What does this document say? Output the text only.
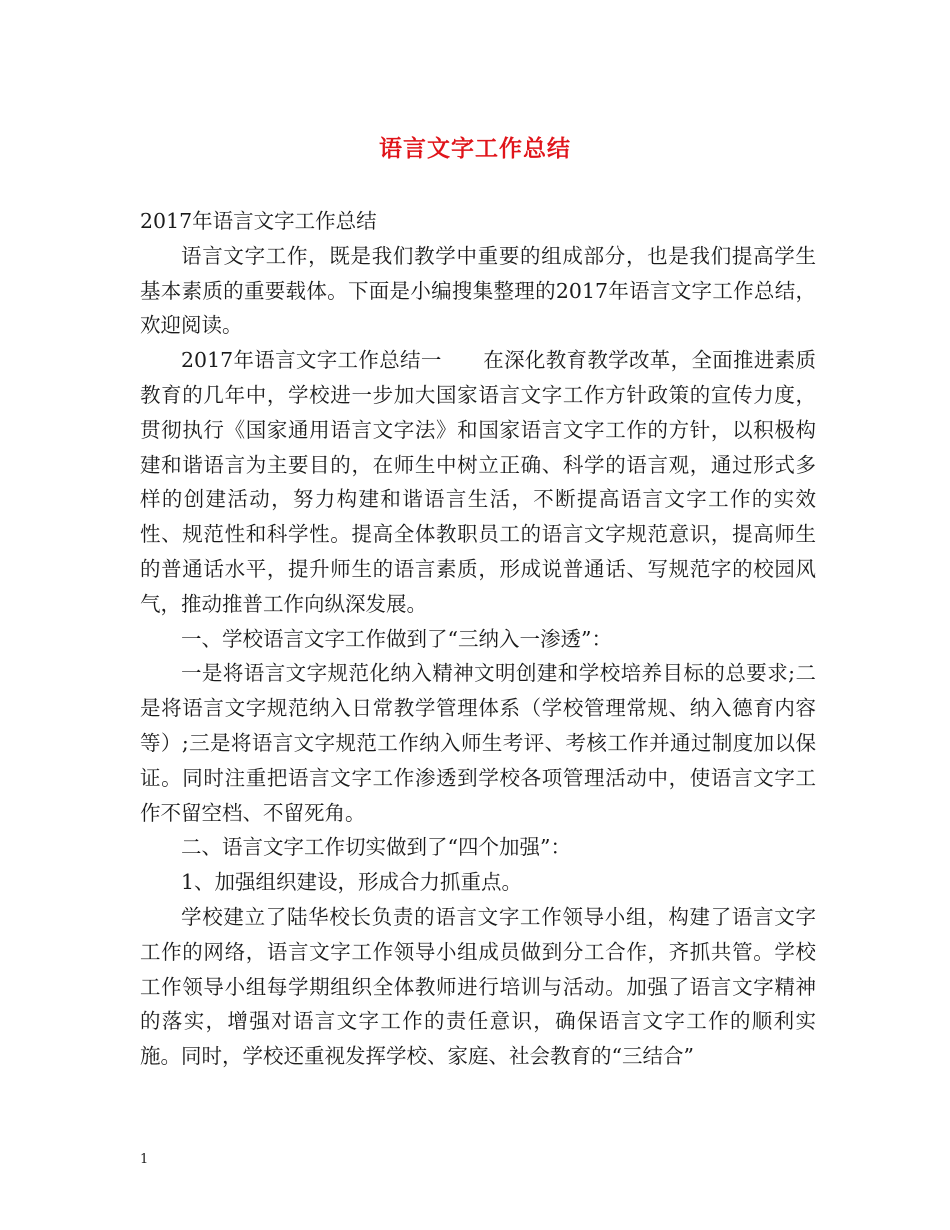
语言文字工作总结

2017年语言文字工作总结

语言文字工作，既是我们教学中重要的组成部分，也是我们提高学生基本素质的重要载体。下面是小编搜集整理的2017年语言文字工作总结，欢迎阅读。

2017年语言文字工作总结一　　在深化教育教学改革，全面推进素质教育的几年中，学校进一步加大国家语言文字工作方针政策的宣传力度，贯彻执行《国家通用语言文字法》和国家语言文字工作的方针，以积极构建和谐语言为主要目的，在师生中树立正确、科学的语言观，通过形式多样的创建活动，努力构建和谐语言生活，不断提高语言文字工作的实效性、规范性和科学性。提高全体教职员工的语言文字规范意识，提高师生的普通话水平，提升师生的语言素质，形成说普通话、写规范字的校园风气，推动推普工作向纵深发展。

一、学校语言文字工作做到了“三纳入一渗透”：

一是将语言文字规范化纳入精神文明创建和学校培养目标的总要求;二是将语言文字规范纳入日常教学管理体系（学校管理常规、纳入德育内容等）;三是将语言文字规范工作纳入师生考评、考核工作并通过制度加以保证。同时注重把语言文字工作渗透到学校各项管理活动中，使语言文字工作不留空档、不留死角。

二、语言文字工作切实做到了“四个加强”：

1、加强组织建设，形成合力抓重点。

学校建立了陆华校长负责的语言文字工作领导小组，构建了语言文字工作的网络，语言文字工作领导小组成员做到分工合作，齐抓共管。学校工作领导小组每学期组织全体教师进行培训与活动。加强了语言文字精神的落实，增强对语言文字工作的责任意识，确保语言文字工作的顺利实施。同时，学校还重视发挥学校、家庭、社会教育的“三结合”

1
